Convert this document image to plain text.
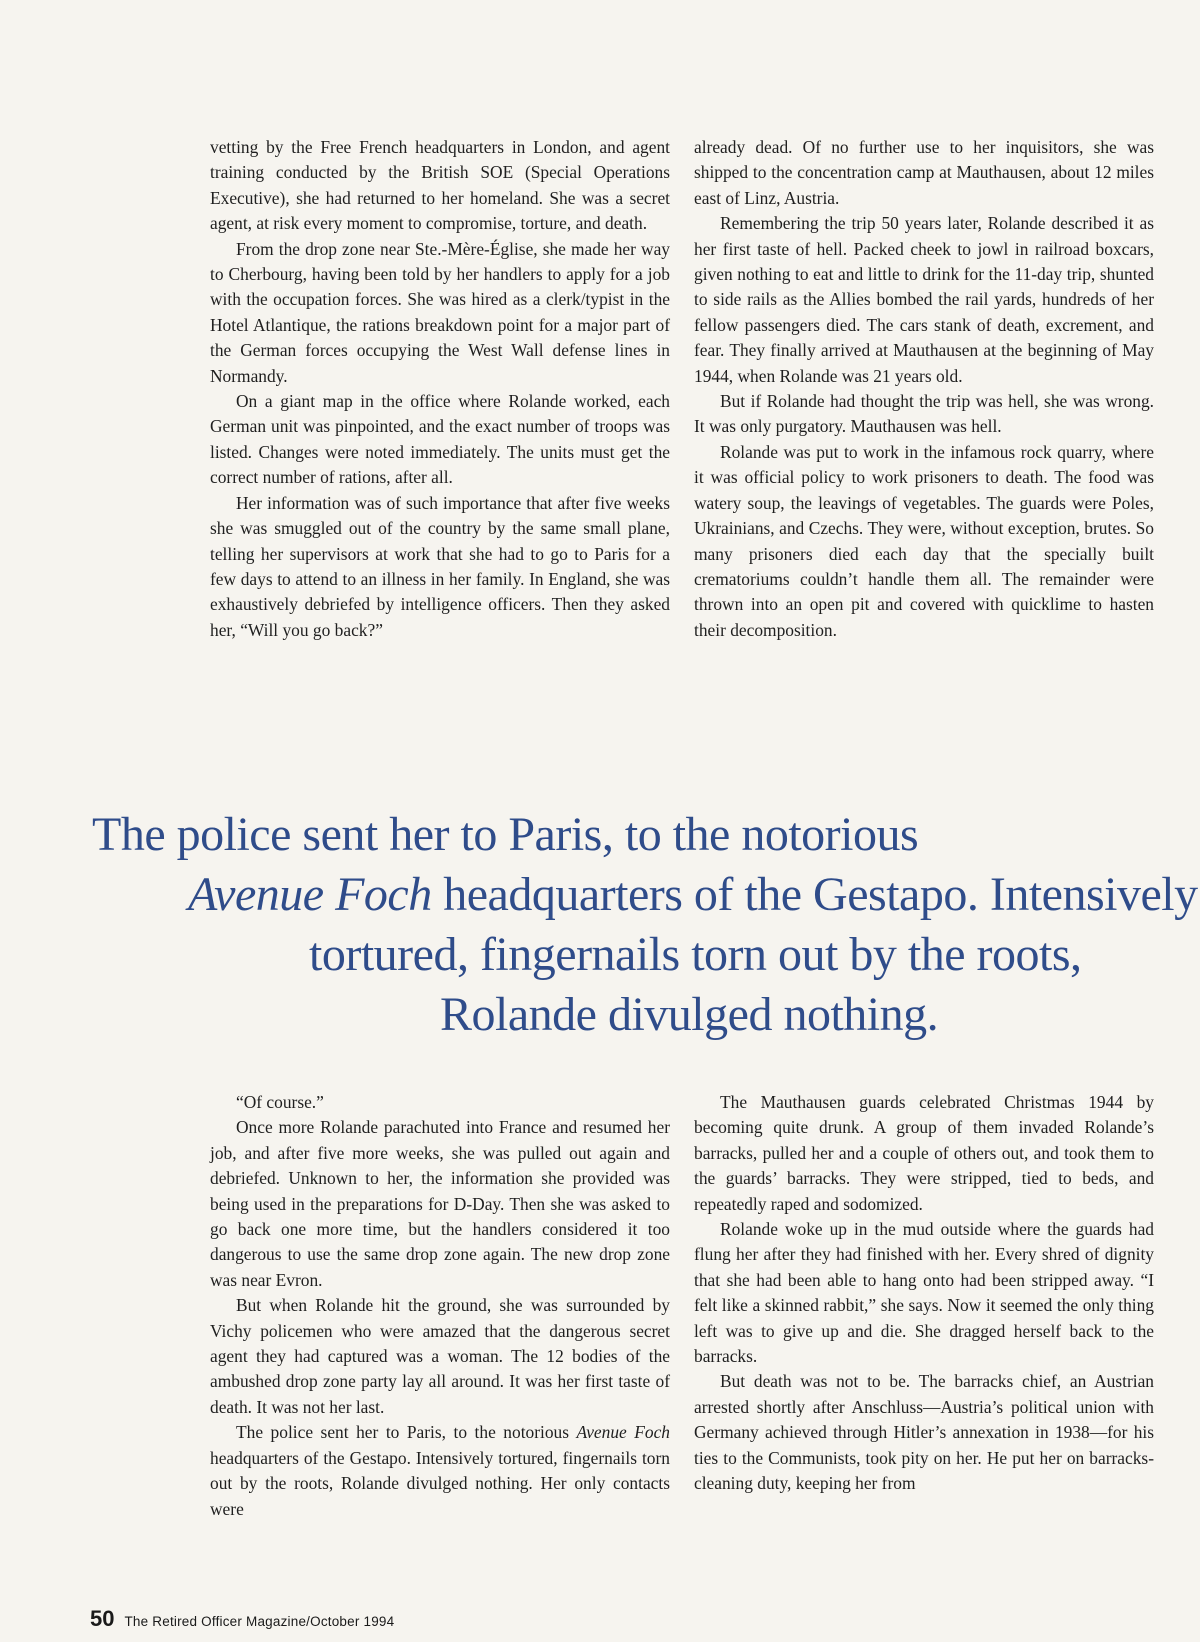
vetting by the Free French headquarters in London, and agent training conducted by the British SOE (Special Operations Executive), she had returned to her homeland. She was a secret agent, at risk every moment to compromise, torture, and death.

From the drop zone near Ste.-Mère-Église, she made her way to Cherbourg, having been told by her handlers to apply for a job with the occupation forces. She was hired as a clerk/typist in the Hotel Atlantique, the rations breakdown point for a major part of the German forces occupying the West Wall defense lines in Normandy.

On a giant map in the office where Rolande worked, each German unit was pinpointed, and the exact number of troops was listed. Changes were noted immediately. The units must get the correct number of rations, after all.

Her information was of such importance that after five weeks she was smuggled out of the country by the same small plane, telling her supervisors at work that she had to go to Paris for a few days to attend to an illness in her family. In England, she was exhaustively debriefed by intelligence officers. Then they asked her, “Will you go back?”

already dead. Of no further use to her inquisitors, she was shipped to the concentration camp at Mauthausen, about 12 miles east of Linz, Austria.

Remembering the trip 50 years later, Rolande described it as her first taste of hell. Packed cheek to jowl in railroad boxcars, given nothing to eat and little to drink for the 11-day trip, shunted to side rails as the Allies bombed the rail yards, hundreds of her fellow passengers died. The cars stank of death, excrement, and fear. They finally arrived at Mauthausen at the beginning of May 1944, when Rolande was 21 years old.

But if Rolande had thought the trip was hell, she was wrong. It was only purgatory. Mauthausen was hell.

Rolande was put to work in the infamous rock quarry, where it was official policy to work prisoners to death. The food was watery soup, the leavings of vegetables. The guards were Poles, Ukrainians, and Czechs. They were, without exception, brutes. So many prisoners died each day that the specially built crematoriums couldn’t handle them all. The remainder were thrown into an open pit and covered with quicklime to hasten their decomposition.

The police sent her to Paris, to the notorious
Avenue Foch headquarters of the Gestapo. Intensively
tortured, fingernails torn out by the roots,
Rolande divulged nothing.

“Of course.”

Once more Rolande parachuted into France and resumed her job, and after five more weeks, she was pulled out again and debriefed. Unknown to her, the information she provided was being used in the preparations for D-Day. Then she was asked to go back one more time, but the handlers considered it too dangerous to use the same drop zone again. The new drop zone was near Evron.

But when Rolande hit the ground, she was surrounded by Vichy policemen who were amazed that the dangerous secret agent they had captured was a woman. The 12 bodies of the ambushed drop zone party lay all around. It was her first taste of death. It was not her last.

The police sent her to Paris, to the notorious Avenue Foch headquarters of the Gestapo. Intensively tortured, fingernails torn out by the roots, Rolande divulged nothing. Her only contacts were

The Mauthausen guards celebrated Christmas 1944 by becoming quite drunk. A group of them invaded Rolande’s barracks, pulled her and a couple of others out, and took them to the guards’ barracks. They were stripped, tied to beds, and repeatedly raped and sodomized.

Rolande woke up in the mud outside where the guards had flung her after they had finished with her. Every shred of dignity that she had been able to hang onto had been stripped away. “I felt like a skinned rabbit,” she says. Now it seemed the only thing left was to give up and die. She dragged herself back to the barracks.

But death was not to be. The barracks chief, an Austrian arrested shortly after Anschluss—Austria’s political union with Germany achieved through Hitler’s annexation in 1938—for his ties to the Communists, took pity on her. He put her on barracks-cleaning duty, keeping her from

50 The Retired Officer Magazine/October 1994
